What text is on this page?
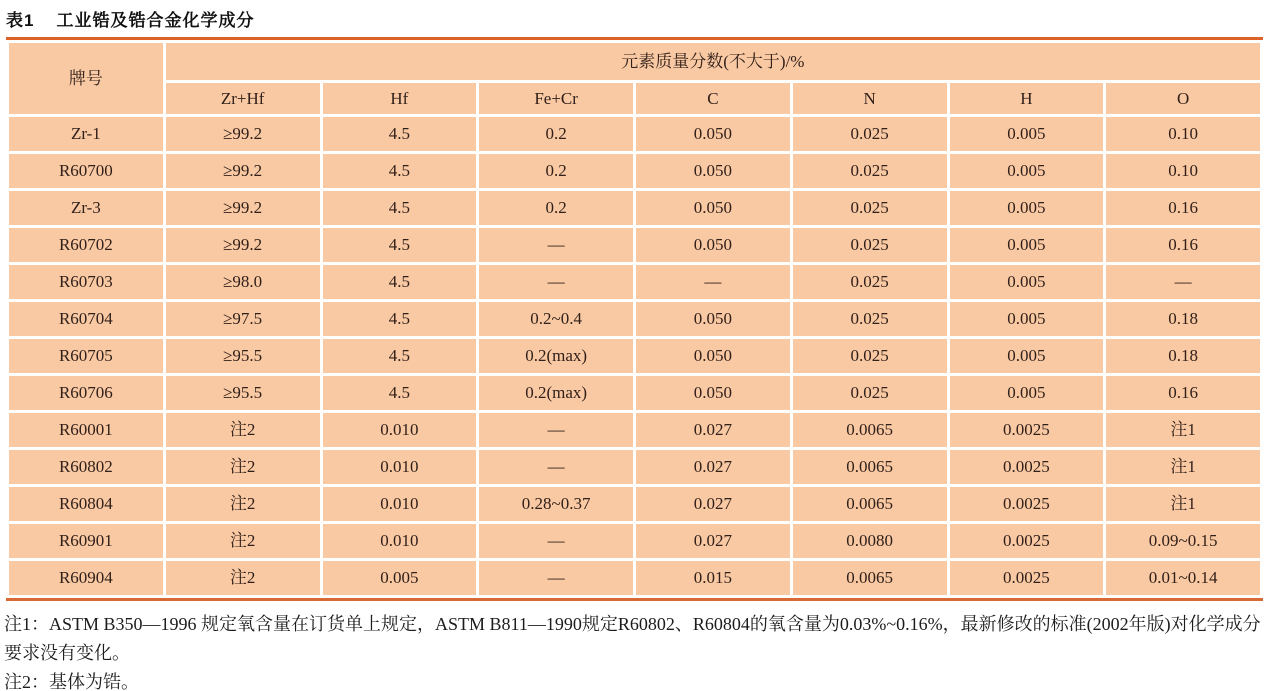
表1 工业锆及锆合金化学成分
牌号	元素质量分数(不大于)/%						
	Zr+Hf	Hf	Fe+Cr	C	N	H	O
Zr-1	≥99.2	4.5	0.2	0.050	0.025	0.005	0.10
R60700	≥99.2	4.5	0.2	0.050	0.025	0.005	0.10
Zr-3	≥99.2	4.5	0.2	0.050	0.025	0.005	0.16
R60702	≥99.2	4.5	—	0.050	0.025	0.005	0.16
R60703	≥98.0	4.5	—	—	0.025	0.005	—
R60704	≥97.5	4.5	0.2~0.4	0.050	0.025	0.005	0.18
R60705	≥95.5	4.5	0.2(max)	0.050	0.025	0.005	0.18
R60706	≥95.5	4.5	0.2(max)	0.050	0.025	0.005	0.16
R60001	注2	0.010	—	0.027	0.0065	0.0025	注1
R60802	注2	0.010	—	0.027	0.0065	0.0025	注1
R60804	注2	0.010	0.28~0.37	0.027	0.0065	0.0025	注1
R60901	注2	0.010	—	0.027	0.0080	0.0025	0.09~0.15
R60904	注2	0.005	—	0.015	0.0065	0.0025	0.01~0.14

注1：ASTM B350—1996 规定氧含量在订货单上规定，ASTM B811—1990规定R60802、R60804的氧含量为0.03%~0.16%，最新修改的标准(2002年版)对化学成分要求没有变化。

注2：基体为锆。
